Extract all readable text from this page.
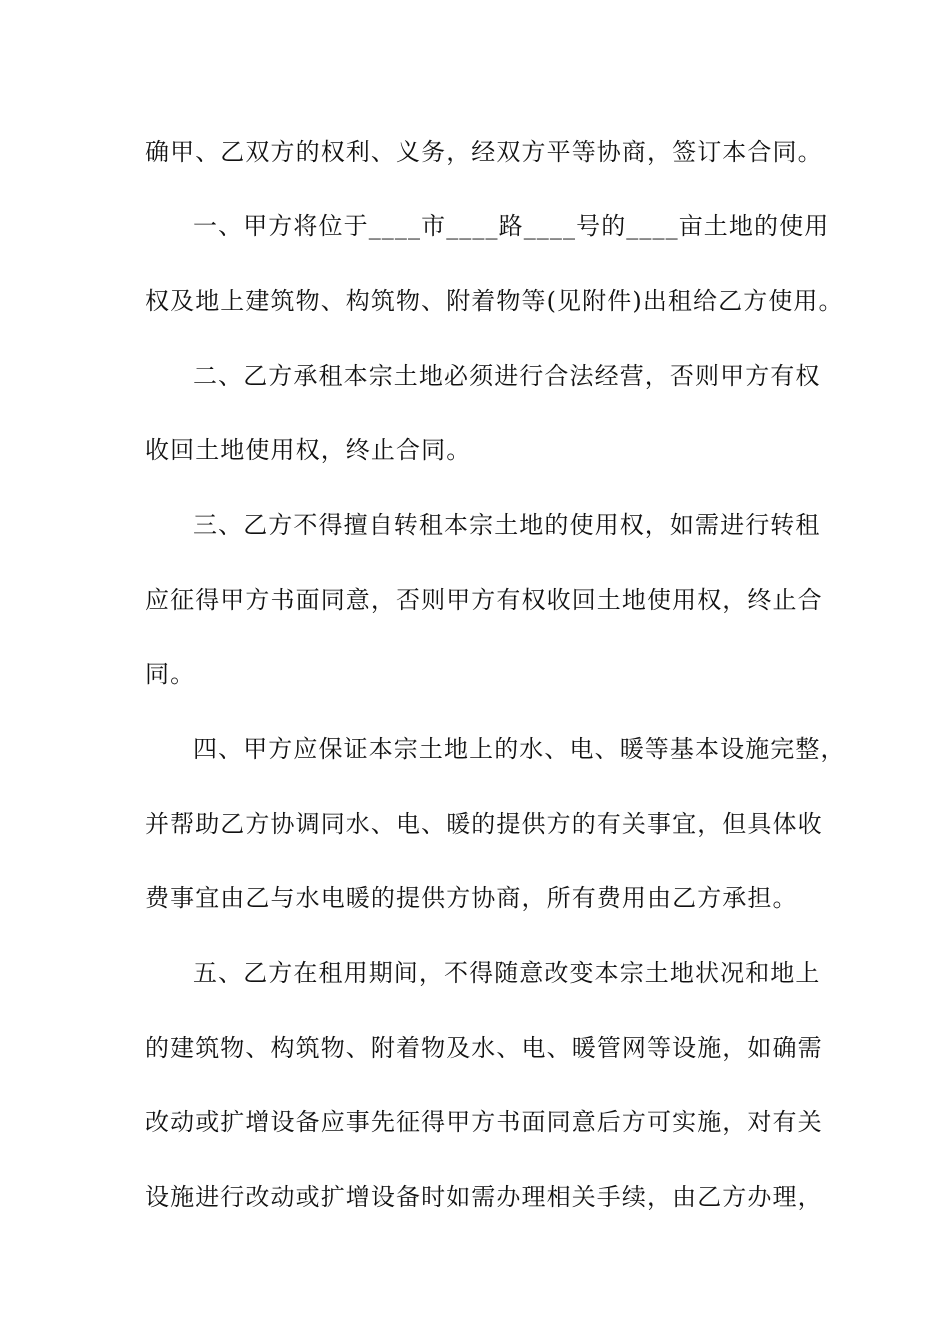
确甲、乙双方的权利、义务，经双方平等协商，签订本合同。
一、甲方将位于____市____路____号的____亩土地的使用
权及地上建筑物、构筑物、附着物等(见附件)出租给乙方使用。
二、乙方承租本宗土地必须进行合法经营，否则甲方有权
收回土地使用权，终止合同。
三、乙方不得擅自转租本宗土地的使用权，如需进行转租
应征得甲方书面同意，否则甲方有权收回土地使用权，终止合
同。
四、甲方应保证本宗土地上的水、电、暖等基本设施完整，
并帮助乙方协调同水、电、暖的提供方的有关事宜，但具体收
费事宜由乙与水电暖的提供方协商，所有费用由乙方承担。
五、乙方在租用期间，不得随意改变本宗土地状况和地上
的建筑物、构筑物、附着物及水、电、暖管网等设施，如确需
改动或扩增设备应事先征得甲方书面同意后方可实施，对有关
设施进行改动或扩增设备时如需办理相关手续，由乙方办理，
